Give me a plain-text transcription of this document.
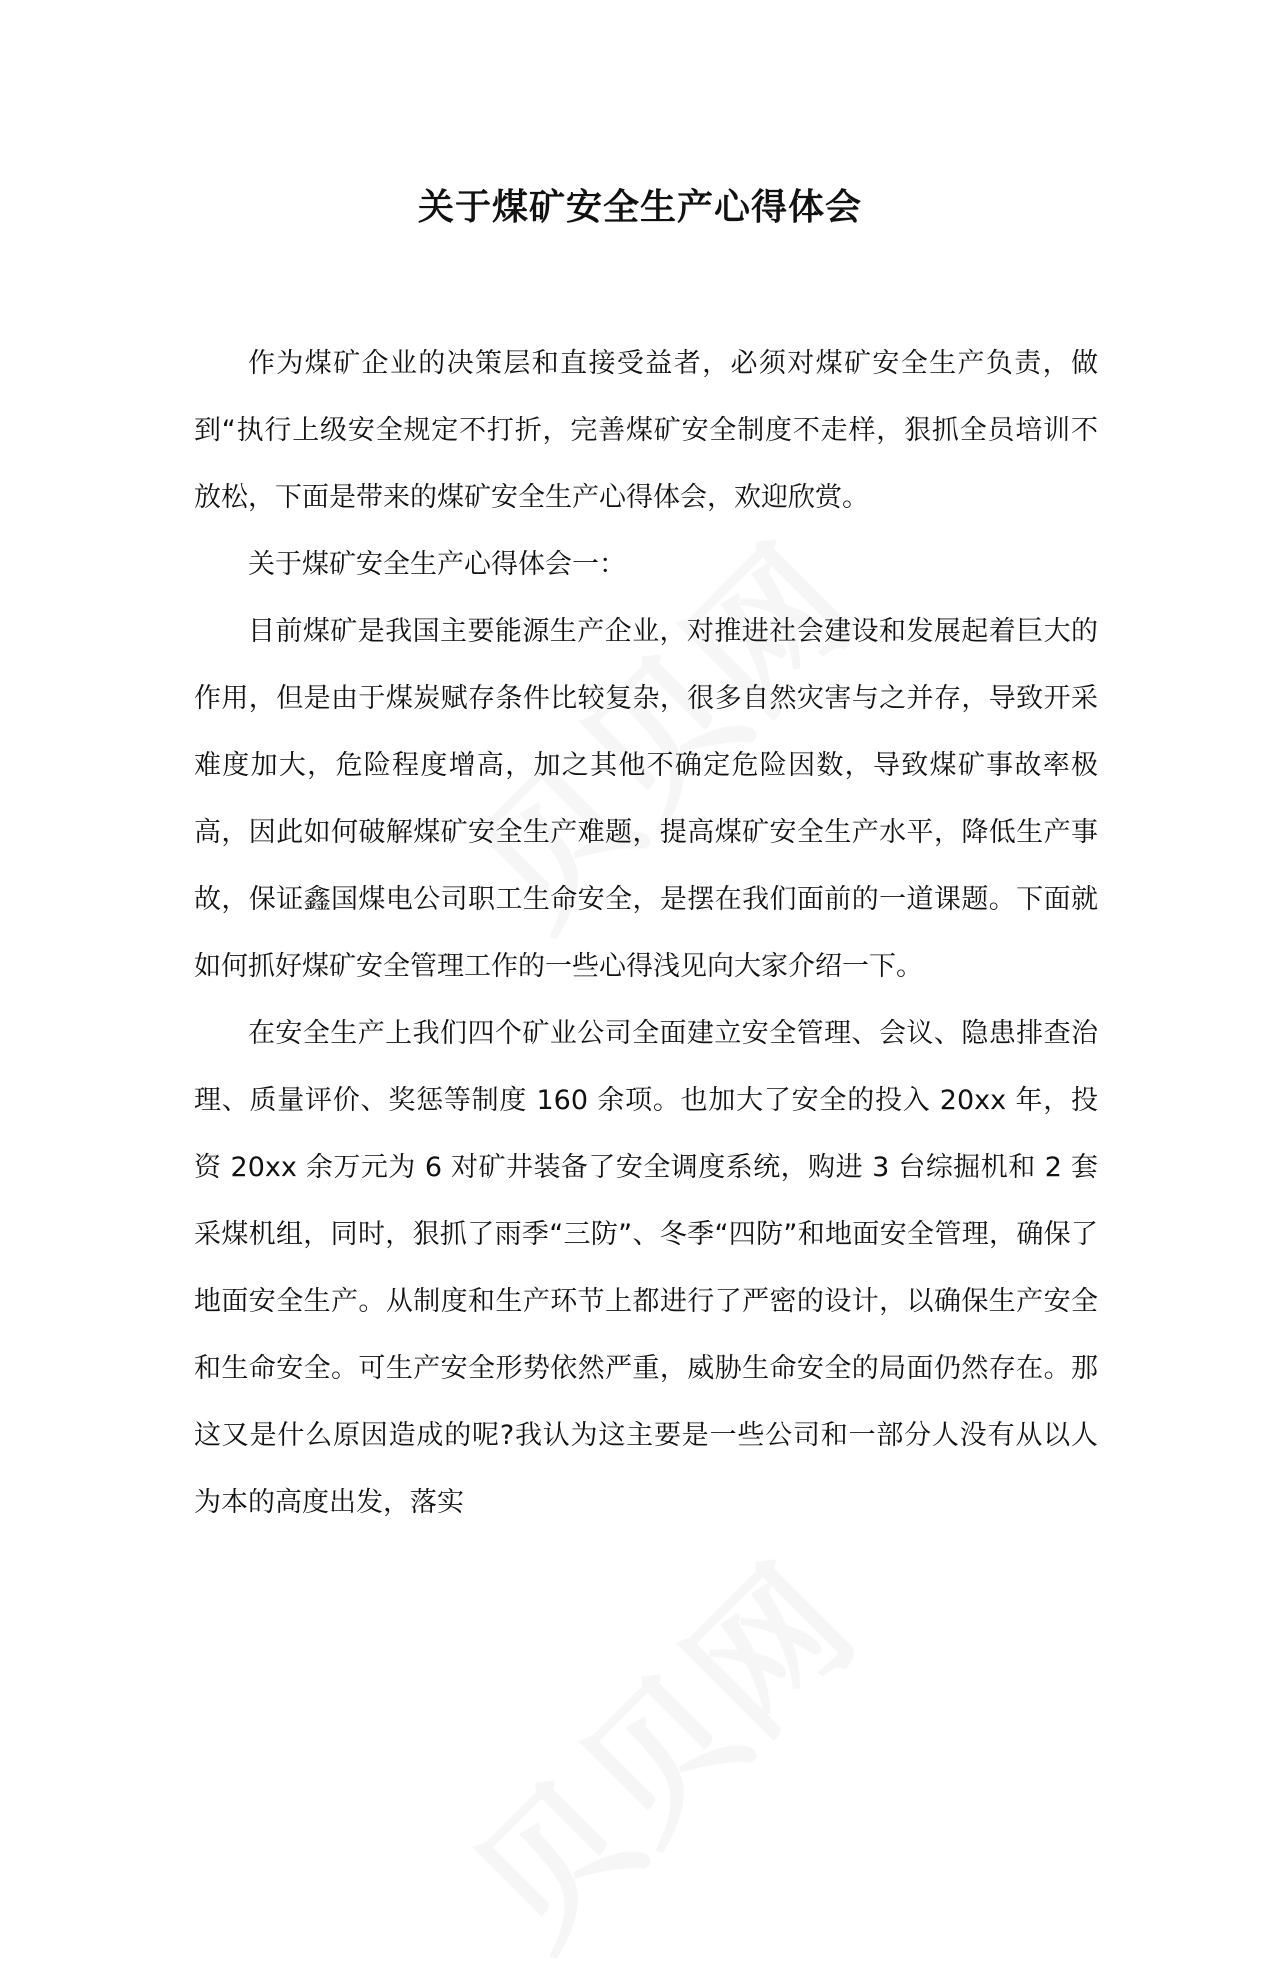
关于煤矿安全生产心得体会

作为煤矿企业的决策层和直接受益者，必须对煤矿安全生产负责，做到“执行上级安全规定不打折，完善煤矿安全制度不走样，狠抓全员培训不放松，下面是带来的煤矿安全生产心得体会，欢迎欣赏。

关于煤矿安全生产心得体会一：

目前煤矿是我国主要能源生产企业，对推进社会建设和发展起着巨大的作用，但是由于煤炭赋存条件比较复杂，很多自然灾害与之并存，导致开采难度加大，危险程度增高，加之其他不确定危险因数，导致煤矿事故率极高，因此如何破解煤矿安全生产难题，提高煤矿安全生产水平，降低生产事故，保证鑫国煤电公司职工生命安全，是摆在我们面前的一道课题。下面就如何抓好煤矿安全管理工作的一些心得浅见向大家介绍一下。

在安全生产上我们四个矿业公司全面建立安全管理、会议、隐患排查治理、质量评价、奖惩等制度 160 余项。也加大了安全的投入 20xx 年，投资 20xx 余万元为 6 对矿井装备了安全调度系统，购进 3 台综掘机和 2 套采煤机组，同时，狠抓了雨季“三防”、冬季“四防”和地面安全管理，确保了地面安全生产。从制度和生产环节上都进行了严密的设计，以确保生产安全和生命安全。可生产安全形势依然严重，威胁生命安全的局面仍然存在。那这又是什么原因造成的呢?我认为这主要是一些公司和一部分人没有从以人为本的高度出发，落实
